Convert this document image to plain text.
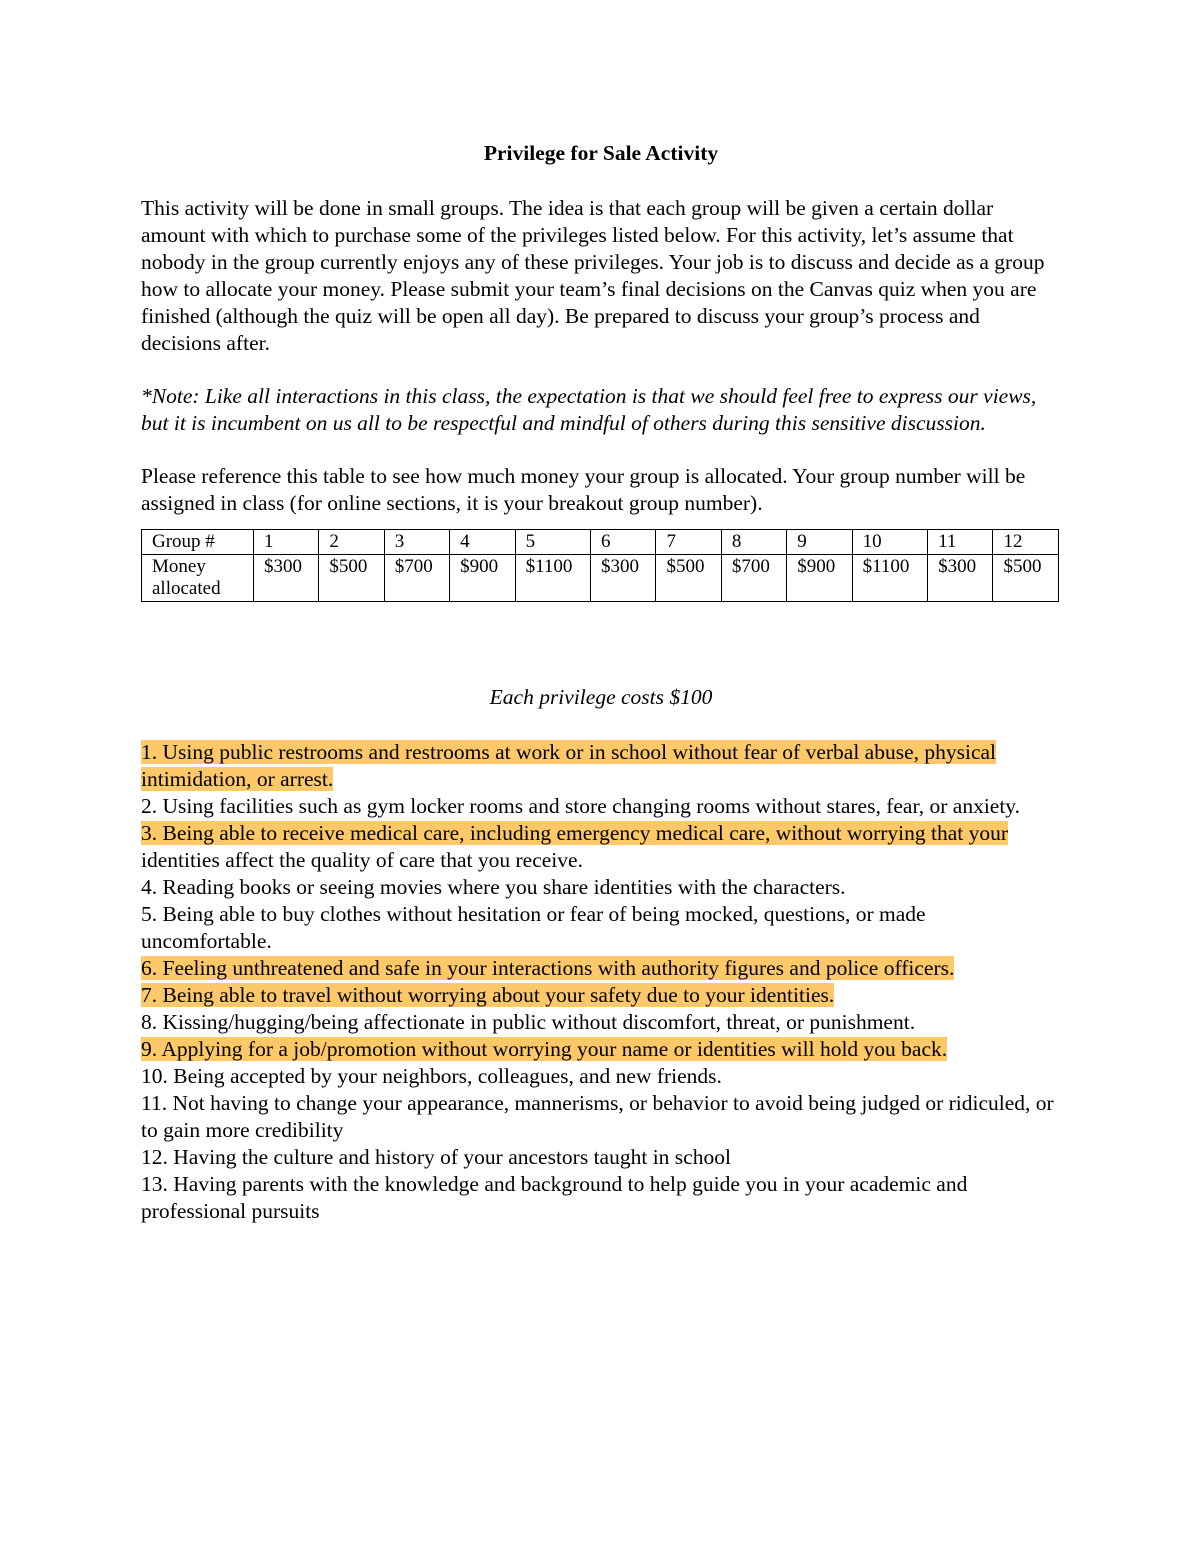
Privilege for Sale Activity
This activity will be done in small groups. The idea is that each group will be given a certain dollar amount with which to purchase some of the privileges listed below. For this activity, let’s assume that nobody in the group currently enjoys any of these privileges. Your job is to discuss and decide as a group how to allocate your money. Please submit your team’s final decisions on the Canvas quiz when you are finished (although the quiz will be open all day). Be prepared to discuss your group’s process and decisions after.
*Note: Like all interactions in this class, the expectation is that we should feel free to express our views, but it is incumbent on us all to be respectful and mindful of others during this sensitive discussion.
Please reference this table to see how much money your group is allocated. Your group number will be assigned in class (for online sections, it is your breakout group number).
Group #	1	2	3	4	5	6	7	8	9	10	11	12
Money allocated	$300	$500	$700	$900	$1100	$300	$500	$700	$900	$1100	$300	$500
Each privilege costs $100
1. Using public restrooms and restrooms at work or in school without fear of verbal abuse, physical intimidation, or arrest.
2. Using facilities such as gym locker rooms and store changing rooms without stares, fear, or anxiety.
3. Being able to receive medical care, including emergency medical care, without worrying that your
identities affect the quality of care that you receive.
4. Reading books or seeing movies where you share identities with the characters.
5. Being able to buy clothes without hesitation or fear of being mocked, questions, or made uncomfortable.
6. Feeling unthreatened and safe in your interactions with authority figures and police officers.
7. Being able to travel without worrying about your safety due to your identities.
8. Kissing/hugging/being affectionate in public without discomfort, threat, or punishment.
9. Applying for a job/promotion without worrying your name or identities will hold you back.
10. Being accepted by your neighbors, colleagues, and new friends.
11. Not having to change your appearance, mannerisms, or behavior to avoid being judged or ridiculed, or to gain more credibility
12. Having the culture and history of your ancestors taught in school
13. Having parents with the knowledge and background to help guide you in your academic and professional pursuits
